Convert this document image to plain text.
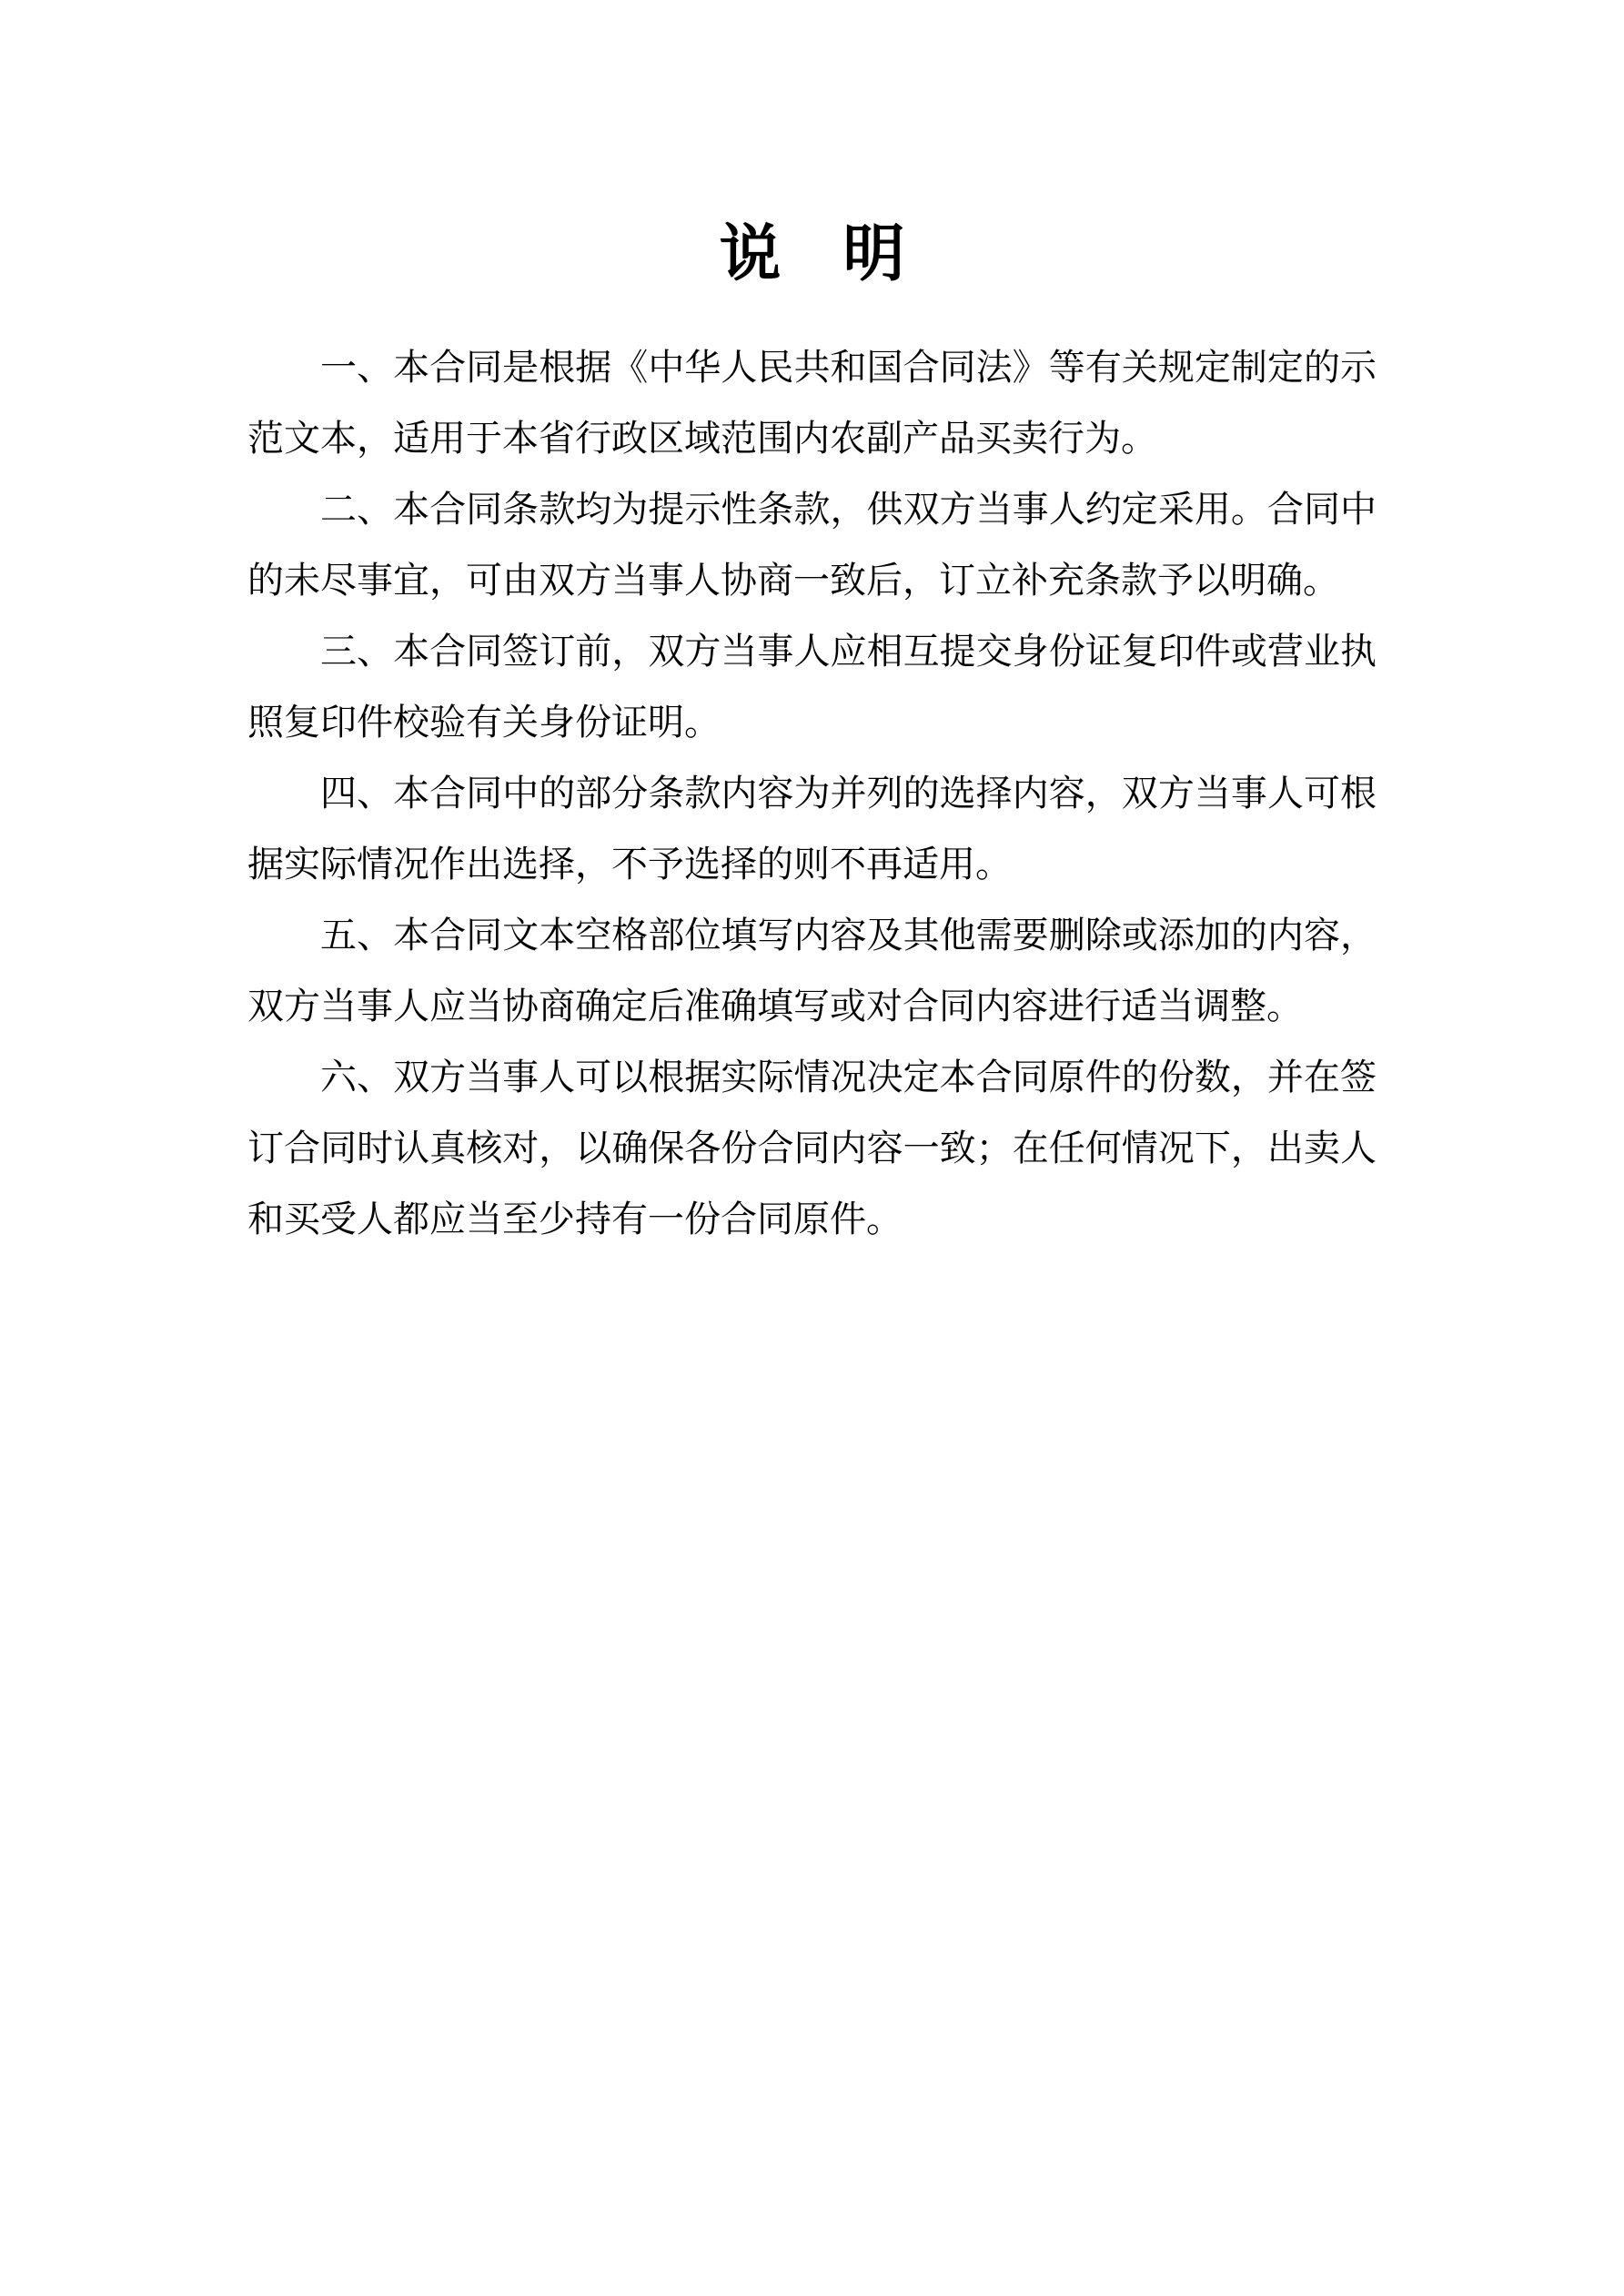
说　明

一、本合同是根据《中华人民共和国合同法》等有关规定制定的示范文本，适用于本省行政区域范围内农副产品买卖行为。

二、本合同条款均为提示性条款，供双方当事人约定采用。合同中的未尽事宜，可由双方当事人协商一致后，订立补充条款予以明确。

三、本合同签订前，双方当事人应相互提交身份证复印件或营业执照复印件校验有关身份证明。

四、本合同中的部分条款内容为并列的选择内容，双方当事人可根据实际情况作出选择，不予选择的则不再适用。

五、本合同文本空格部位填写内容及其他需要删除或添加的内容，双方当事人应当协商确定后准确填写或对合同内容进行适当调整。

六、双方当事人可以根据实际情况决定本合同原件的份数，并在签订合同时认真核对，以确保各份合同内容一致；在任何情况下，出卖人和买受人都应当至少持有一份合同原件。
